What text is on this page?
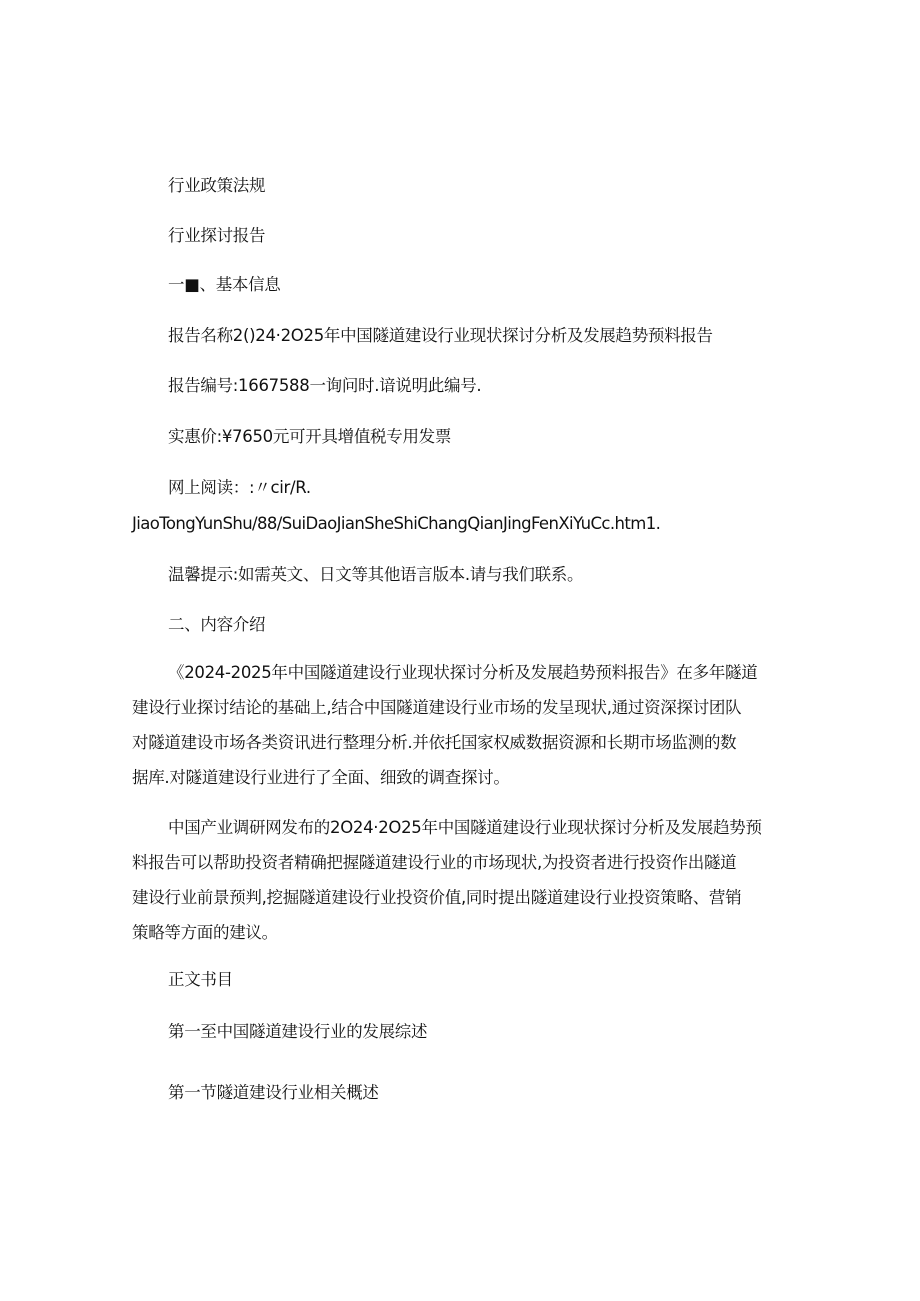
行业政策法规
行业探讨报告
一■、基本信息
报告名称2()24·2O25年中国隧道建设行业现状探讨分析及发展趋势预料报告
报告编号:1667588一询问时.谙说明此编号.
实惠价:¥7650元可开具增值税专用发票
网上阅读：:〃cir/R.
JiaoTongYunShu/88/SuiDaoJianSheShiChangQianJingFenXiYuCc.htm1.
温馨提示:如需英文、日文等其他语言版本.请与我们联系。
二、内容介绍
《2024-2025年中国隧道建设行业现状探讨分析及发展趋势预料报告》在多年隧道
建设行业探讨结论的基础上,结合中国隧道建设行业市场的发呈现状,通过资深探讨团队
对隧道建设市场各类资讯进行整理分析.并依托国家权威数据资源和长期市场监测的数
据库.对隧道建设行业进行了全面、细致的调查探讨。
中国产业调研网发布的2O24·2O25年中国隧道建设行业现状探讨分析及发展趋势预
料报告可以帮助投资者精确把握隧道建设行业的市场现状,为投资者进行投资作出隧道
建设行业前景预判,挖掘隧道建设行业投资价值,同时提出隧道建设行业投资策略、营销
策略等方面的建议。
正文书目
第一至中国隧道建设行业的发展综述
第一节隧道建设行业相关概述
